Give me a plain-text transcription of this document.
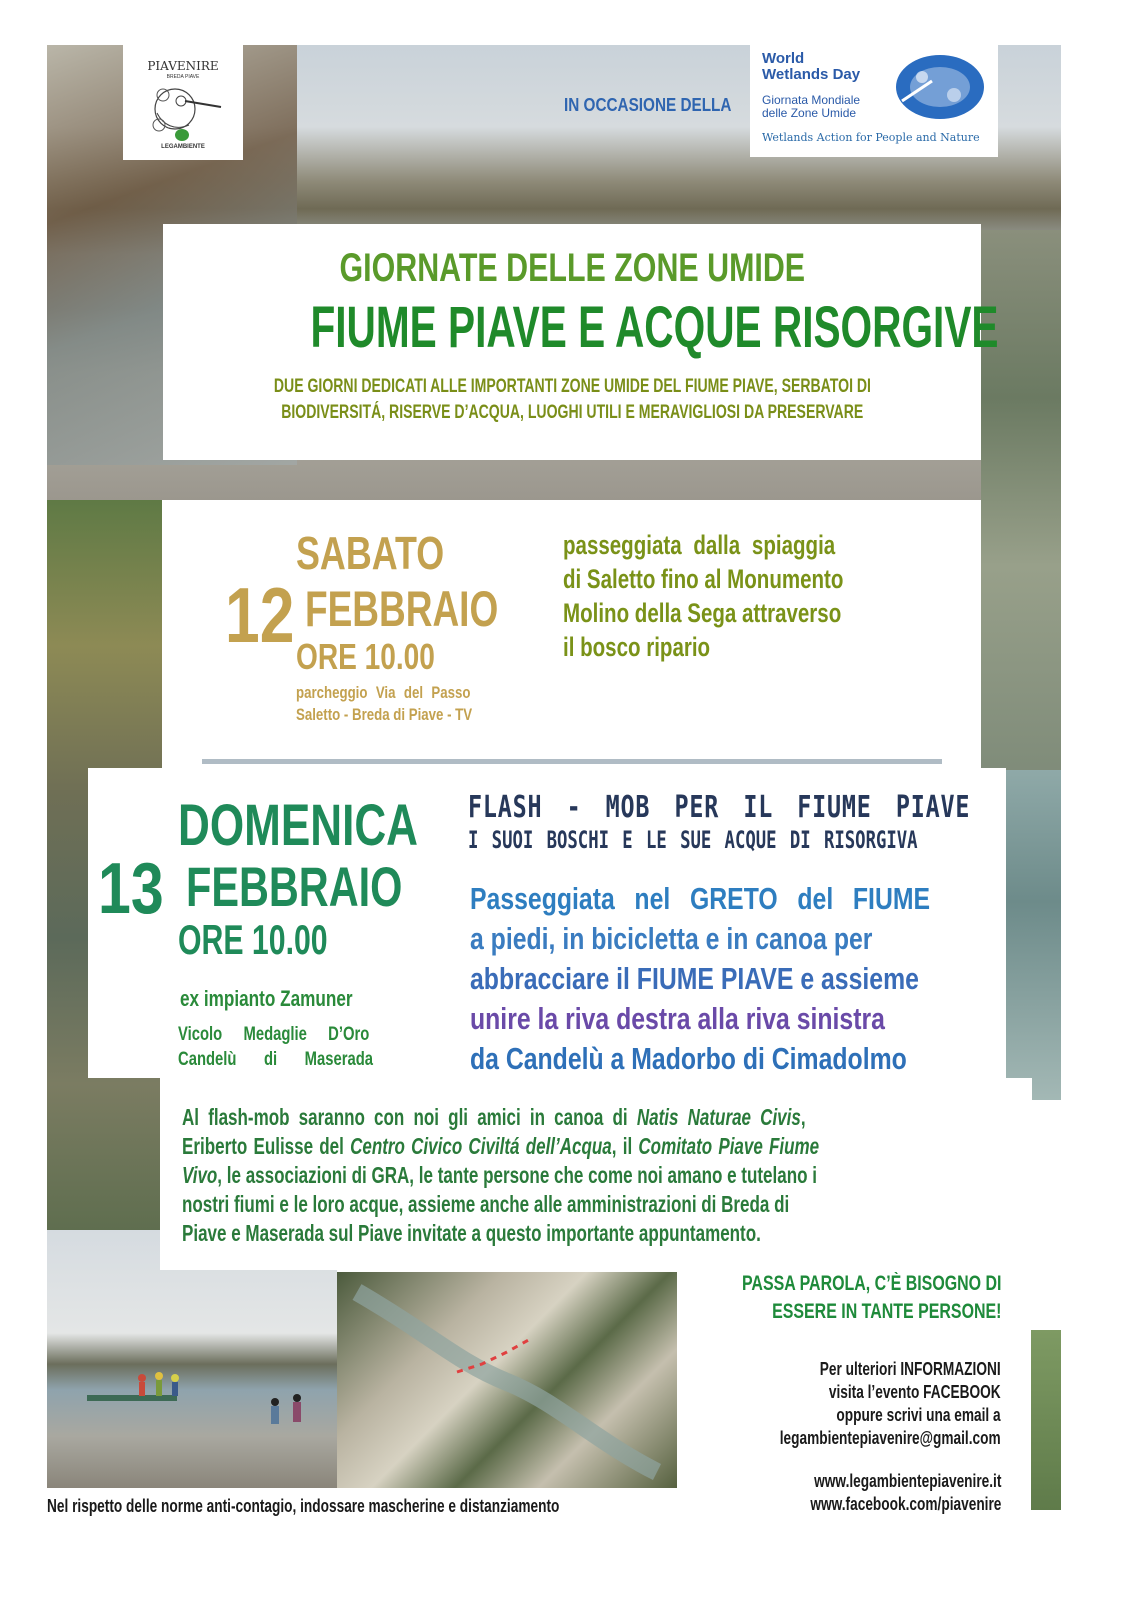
PIAVENIRE
BREDA PIAVE
LEGAMBIENTE
IN OCCASIONE DELLA
World
Wetlands Day
Giornata Mondiale
delle Zone Umide
Wetlands Action for People and Nature
GIORNATE DELLE ZONE UMIDE
FIUME PIAVE E ACQUE RISORGIVE
DUE GIORNI DEDICATI ALLE IMPORTANTI ZONE UMIDE DEL FIUME PIAVE, SERBATOI DI
BIODIVERSITÁ, RISERVE D’ACQUA, LUOGHI UTILI E MERAVIGLIOSI DA PRESERVARE
SABATO
12 FEBBRAIO
ORE 10.00
parcheggio Via del Passo
Saletto - Breda di Piave - TV
passeggiata dalla spiaggia
di Saletto fino al Monumento
Molino della Sega attraverso
il bosco ripario
DOMENICA
13 FEBBRAIO
ORE 10.00
ex impianto Zamuner
Vicolo Medaglie D’Oro
Candelù di Maserada
FLASH - MOB PER IL FIUME PIAVE
I SUOI BOSCHI E LE SUE ACQUE DI RISORGIVA
Passeggiata nel GRETO del FIUME
a piedi, in bicicletta e in canoa per
abbracciare il FIUME PIAVE e assieme
unire la riva destra alla riva sinistra
da Candelù a Madorbo di Cimadolmo
Al flash-mob saranno con noi gli amici in canoa di Natis Naturae Civis,
Eriberto Eulisse del Centro Civico Civiltá dell’Acqua, il Comitato Piave Fiume
Vivo, le associazioni di GRA, le tante persone che come noi amano e tutelano i
nostri fiumi e le loro acque, assieme anche alle amministrazioni di Breda di
Piave e Maserada sul Piave invitate a questo importante appuntamento.
PASSA PAROLA, C’È BISOGNO DI
ESSERE IN TANTE PERSONE!
Per ulteriori INFORMAZIONI
visita l’evento FACEBOOK
oppure scrivi una email a
legambientepiavenire@gmail.com
www.legambientepiavenire.it
www.facebook.com/piavenire
Nel rispetto delle norme anti-contagio, indossare mascherine e distanziamento
